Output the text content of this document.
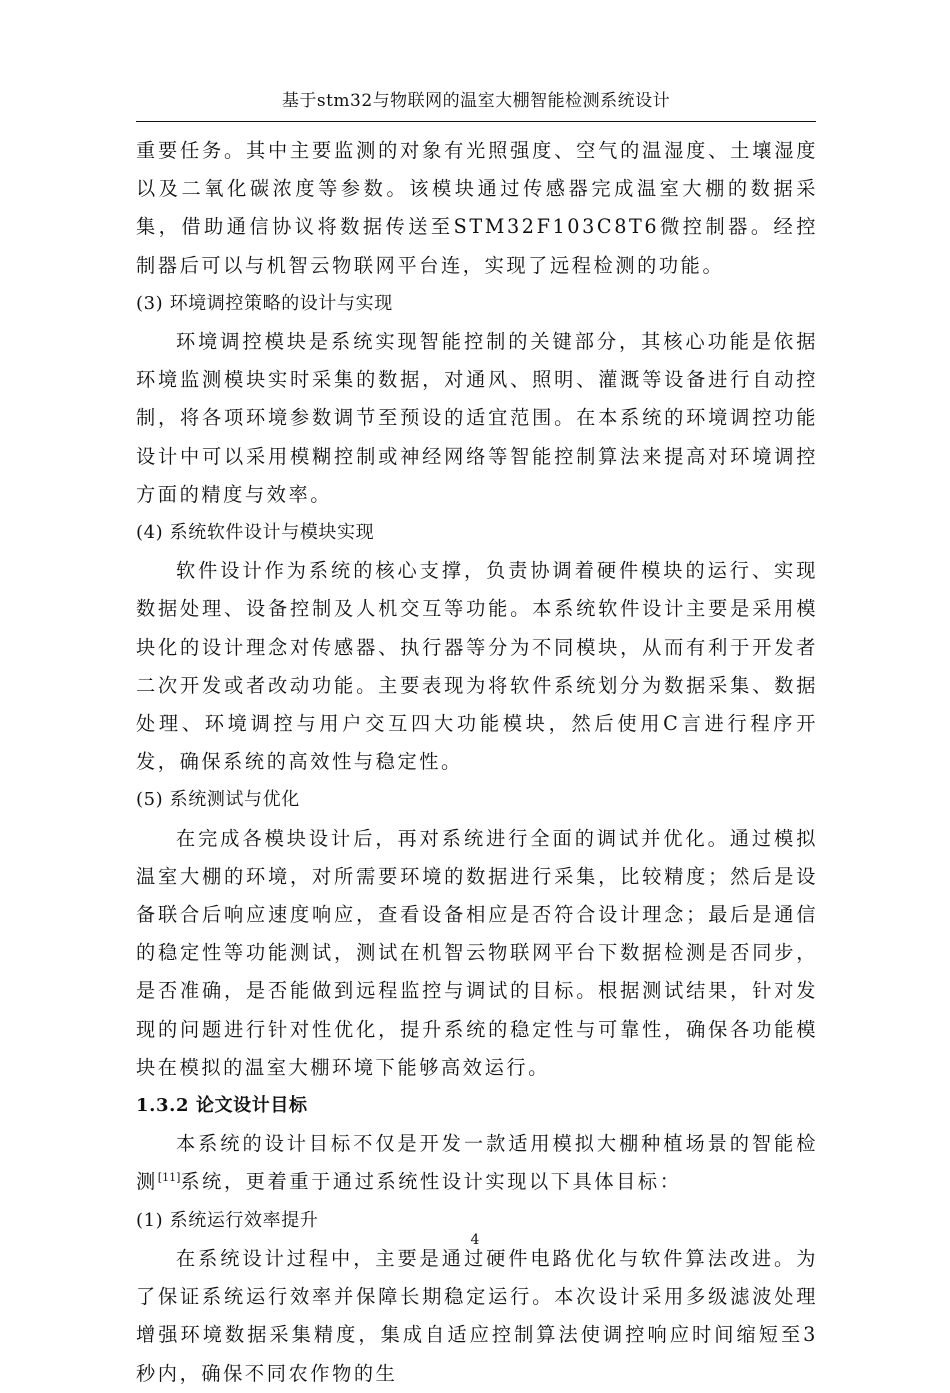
基于stm32与物联网的温室大棚智能检测系统设计

重要任务。其中主要监测的对象有光照强度、空气的温湿度、土壤湿度以及二氧化碳浓度等参数。该模块通过传感器完成温室大棚的数据采集，借助通信协议将数据传送至STM32F103C8T6微控制器。经控制器后可以与机智云物联网平台连，实现了远程检测的功能。

(3) 环境调控策略的设计与实现

环境调控模块是系统实现智能控制的关键部分，其核心功能是依据环境监测模块实时采集的数据，对通风、照明、灌溉等设备进行自动控制，将各项环境参数调节至预设的适宜范围。在本系统的环境调控功能设计中可以采用模糊控制或神经网络等智能控制算法来提高对环境调控方面的精度与效率。

(4) 系统软件设计与模块实现

软件设计作为系统的核心支撑，负责协调着硬件模块的运行、实现数据处理、设备控制及人机交互等功能。本系统软件设计主要是采用模块化的设计理念对传感器、执行器等分为不同模块，从而有利于开发者二次开发或者改动功能。主要表现为将软件系统划分为数据采集、数据处理、环境调控与用户交互四大功能模块，然后使用C言进行程序开发，确保系统的高效性与稳定性。

(5) 系统测试与优化

在完成各模块设计后，再对系统进行全面的调试并优化。通过模拟温室大棚的环境，对所需要环境的数据进行采集，比较精度；然后是设备联合后响应速度响应，查看设备相应是否符合设计理念；最后是通信的稳定性等功能测试，测试在机智云物联网平台下数据检测是否同步，是否准确，是否能做到远程监控与调试的目标。根据测试结果，针对发现的问题进行针对性优化，提升系统的稳定性与可靠性，确保各功能模块在模拟的温室大棚环境下能够高效运行。

1.3.2 论文设计目标

本系统的设计目标不仅是开发一款适用模拟大棚种植场景的智能检测[11]系统，更着重于通过系统性设计实现以下具体目标：

(1) 系统运行效率提升

在系统设计过程中，主要是通过硬件电路优化与软件算法改进。为了保证系统运行效率并保障长期稳定运行。本次设计采用多级滤波处理增强环境数据采集精度，集成自适应控制算法使调控响应时间缩短至3秒内，确保不同农作物的生

4
